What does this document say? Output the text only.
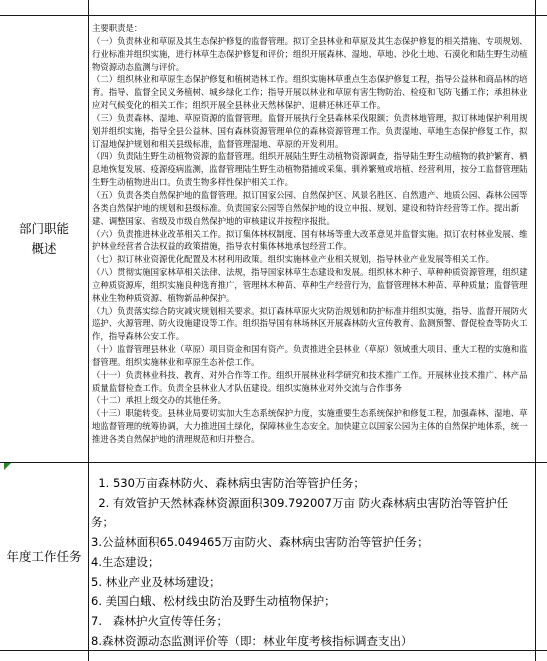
部门职能
概述

主要职责是：

（一）负责林业和草原及其生态保护修复的监督管理。拟订全县林业和草原及其生态保护修复的相关措施、专项规划、行业标准并组织实施，进行林草生态保护修复和评价；组织开展森林、湿地、草地、沙化土地、石漠化和陆生野生动植物资源动态监测与评价。

（二）组织林业和草原生态保护修复和植树造林工作。组织实施林草重点生态保护修复工程，指导公益林和商品林的培育。指导、监督全民义务植树、城乡绿化工作；指导开展以林业和草原有害生物防治、检疫和飞防飞播工作；承担林业应对气候变化的相关工作；组织开展全县林业天然林保护、退耕还林还草工作。

（三）负责森林、湿地、草原资源的监督管理。监督开展执行全县森林采伐限额；负责林地管理，拟订林地保护利用规划并组织实施，指导全县公益林、国有森林资源管理单位的森林资源管理工作。负责湿地、草地生态保护修复工作，拟订湿地保护规划和相关县级标准，监督管理湿地、草原的开发利用。

（四）负责陆生野生动植物资源的监督管理。组织开展陆生野生动植物资源调查，指导陆生野生动植物的救护繁育、栖息地恢复发展、疫源疫病监测，监督管理陆生野生动植物猎捕或采集、驯养繁殖或培植、经营利用，按分工监督管理陆生野生动植物进出口。负责生物多样性保护相关工作。

（五）负责各类自然保护地的监督管理。拟订国家公园、自然保护区、风景名胜区、自然遗产、地质公园、森林公园等各类自然保护地的规划和县级标准。负责国家公园等自然保护地的设立申报、规划、建设和特许经营等工作。提出新建、调整国家、省级及市级自然保护地的审核建议并按程序报批。

（六）负责推进林业改革相关工作。拟订集体林权制度、国有林场等重大改革意见并监督实施。拟订农村林业发展、维护林业经营者合法权益的政策措施，指导农村集体林地承包经营工作。

（七）拟订林业资源优化配置及木材利用政策。组织实施林业产业相关规划，指导林业产业发展等相关工作。

（八）贯彻实施国家林草相关法律、法规，指导国家林草生态建设和发展。组织林木种子、草种种质资源管理，组织建立种质资源库，组织实施良种选育推广，管理林木种苗、草种生产经营行为，监督管理林木种苗、草种质量；监督管理林业生物种质资源、植物新品种保护。

（九）负责落实综合防灾减灾规划相关要求。拟订森林草原火灾防治规划和防护标准并组织实施，指导、监督开展防火巡护、火源管理、防火设施建设等工作。组织指导国有林场林区开展森林防火宣传教育、监测预警、督促检查等防火工作，指导森林公安工作。

（十）监督管理县林业（草原）项目资金和国有资产。负责推进全县林业（草原）领域重大项目、重大工程的实施和监督管理。组织实施林业和草原生态补偿工作。

（十一）负责林业科技、教育、对外合作等工作。组织开展林业科学研究和技术推广工作。开展林业技术推广、林产品质量监督检查工作。负责全县林业人才队伍建设。组织实施林业对外交流与合作事务

（十二）承担上级交办的其他任务。

（十三）职能转变。县林业局要切实加大生态系统保护力度，实施重要生态系统保护和修复工程，加强森林、湿地、草地监督管理的统筹协调，大力推进国土绿化，保障林业生态安全。加快建立以国家公园为主体的自然保护地体系，统一推进各类自然保护地的清理规范和归并整合。

年度工作任务
1. 530万亩森林防火、森林病虫害防治等管护任务；
2. 有效管护天然林森林资源面积309.792007万亩 防火森林病虫害防治等管护任务；
3.公益林面积65.049465万亩防火、森林病虫害防治等管护任务；
4.生态建设；
5. 林业产业及林场建设；
6. 美国白蛾、松材线虫防治及野生动植物保护；
7.   森林护火宣传等任务；
8.森林资源动态监测评价等（即：林业年度考核指标调查支出）
